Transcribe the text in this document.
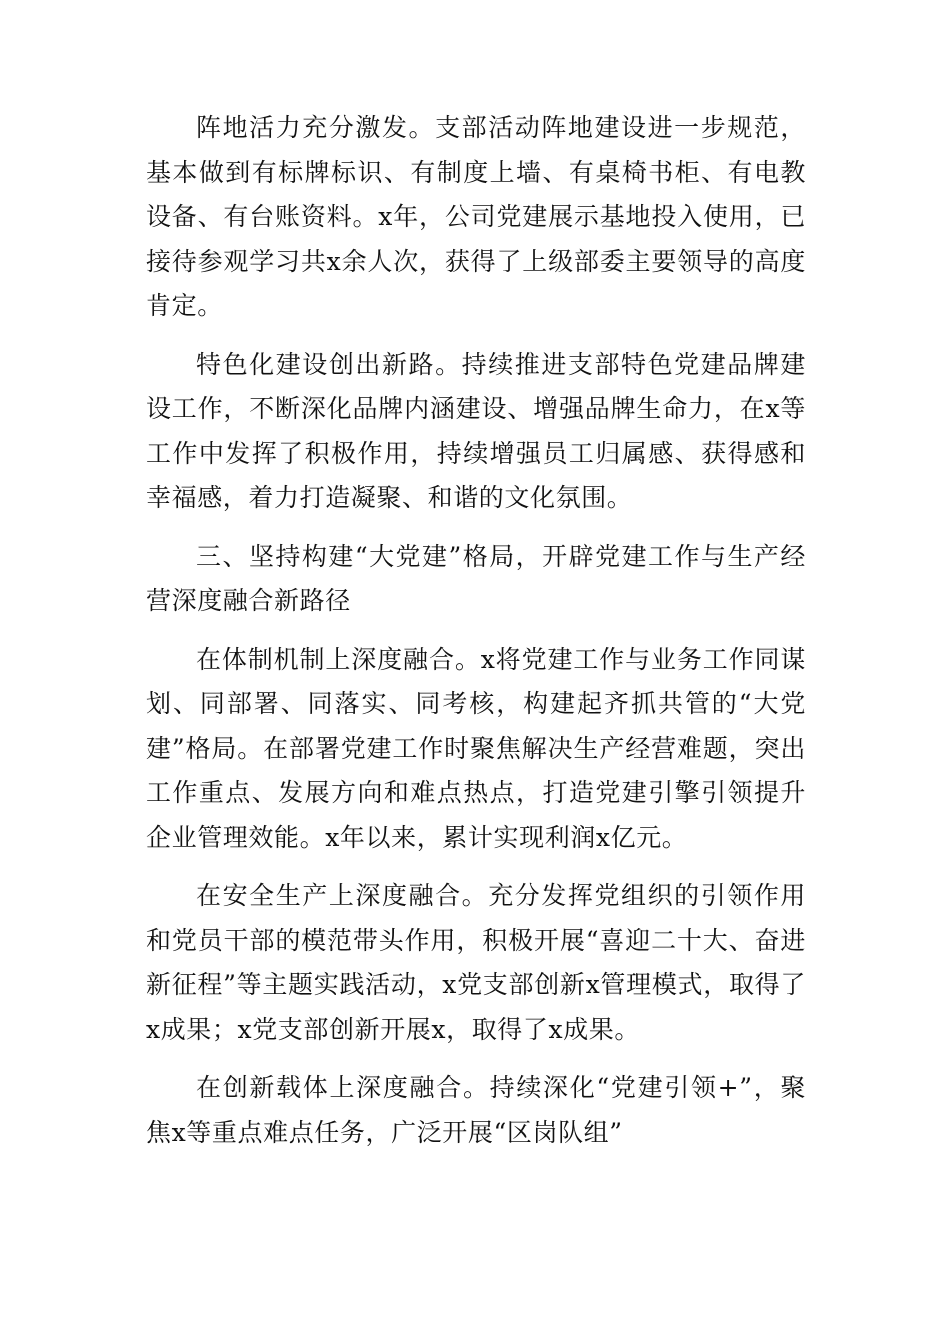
阵地活力充分激发。支部活动阵地建设进一步规范，基本做到有标牌标识、有制度上墙、有桌椅书柜、有电教设备、有台账资料。x年，公司党建展示基地投入使用，已接待参观学习共x余人次，获得了上级部委主要领导的高度肯定。

特色化建设创出新路。持续推进支部特色党建品牌建设工作，不断深化品牌内涵建设、增强品牌生命力，在x等工作中发挥了积极作用，持续增强员工归属感、获得感和幸福感，着力打造凝聚、和谐的文化氛围。

三、坚持构建“大党建”格局，开辟党建工作与生产经营深度融合新路径

在体制机制上深度融合。x将党建工作与业务工作同谋划、同部署、同落实、同考核，构建起齐抓共管的“大党建”格局。在部署党建工作时聚焦解决生产经营难题，突出工作重点、发展方向和难点热点，打造党建引擎引领提升企业管理效能。x年以来，累计实现利润x亿元。

在安全生产上深度融合。充分发挥党组织的引领作用和党员干部的模范带头作用，积极开展“喜迎二十大、奋进新征程”等主题实践活动，x党支部创新x管理模式，取得了x成果；x党支部创新开展x，取得了x成果。

在创新载体上深度融合。持续深化“党建引领+”，聚焦x等重点难点任务，广泛开展“区岗队组”
